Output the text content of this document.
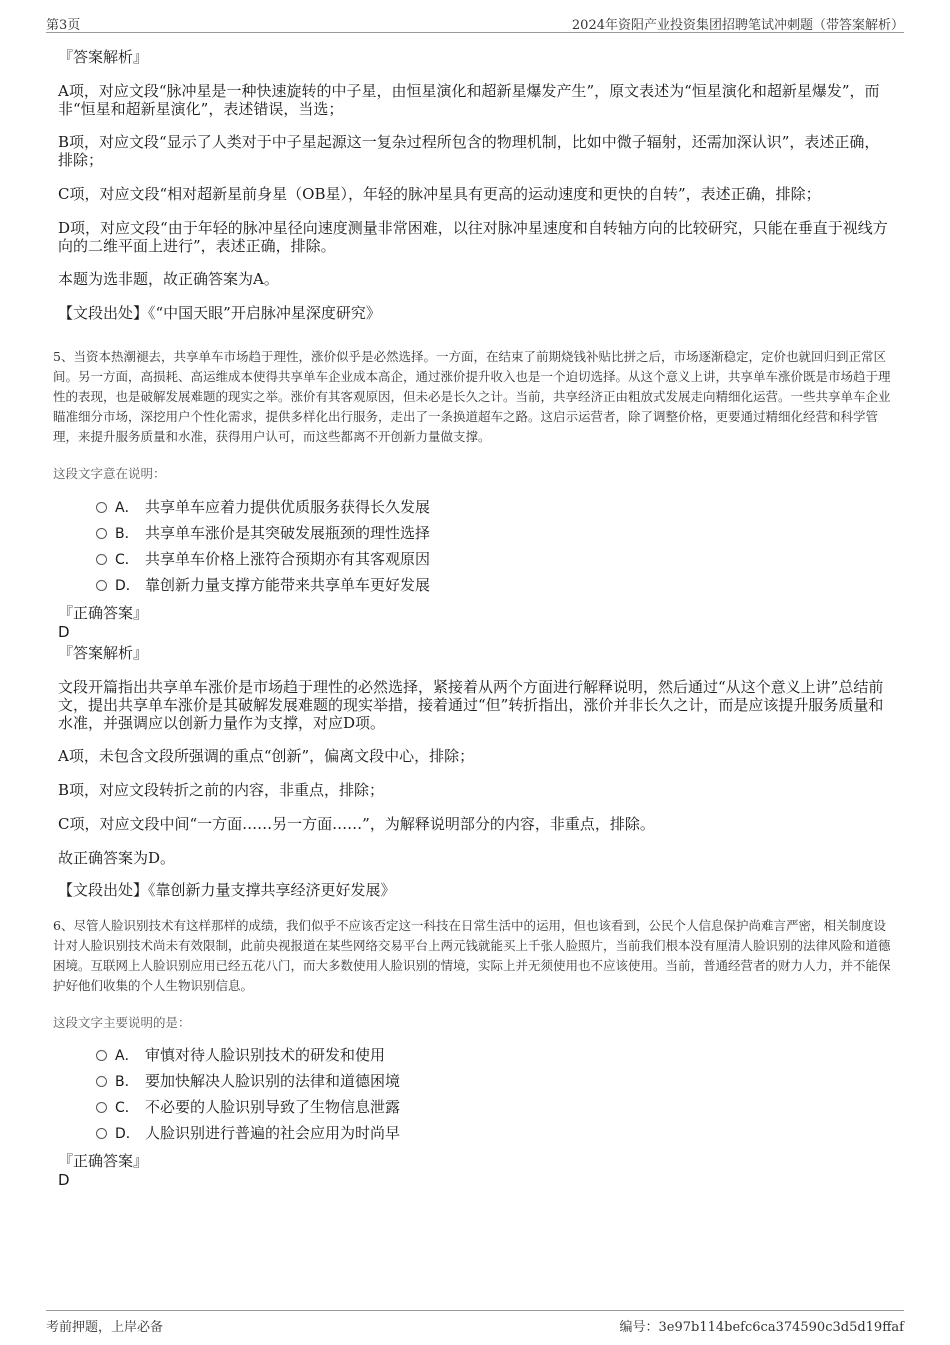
第3页	2024年资阳产业投资集团招聘笔试冲刺题（带答案解析）
『答案解析』
A项，对应文段“脉冲星是一种快速旋转的中子星，由恒星演化和超新星爆发产生”，原文表述为“恒星演化和超新星爆发”，而非“恒星和超新星演化”，表述错误，当选；
B项，对应文段“显示了人类对于中子星起源这一复杂过程所包含的物理机制，比如中微子辐射，还需加深认识”，表述正确，排除；
C项，对应文段“相对超新星前身星（OB星），年轻的脉冲星具有更高的运动速度和更快的自转”，表述正确，排除；
D项，对应文段“由于年轻的脉冲星径向速度测量非常困难，以往对脉冲星速度和自转轴方向的比较研究，只能在垂直于视线方向的二维平面上进行”，表述正确，排除。
本题为选非题，故正确答案为A。
【文段出处】《“中国天眼”开启脉冲星深度研究》
5、当资本热潮褪去，共享单车市场趋于理性，涨价似乎是必然选择。一方面，在结束了前期烧钱补贴比拼之后，市场逐渐稳定，定价也就回归到正常区间。另一方面，高损耗、高运维成本使得共享单车企业成本高企，通过涨价提升收入也是一个迫切选择。从这个意义上讲，共享单车涨价既是市场趋于理性的表现，也是破解发展难题的现实之举。涨价有其客观原因，但未必是长久之计。当前，共享经济正由粗放式发展走向精细化运营。一些共享单车企业瞄准细分市场，深挖用户个性化需求，提供多样化出行服务，走出了一条换道超车之路。这启示运营者，除了调整价格，更要通过精细化经营和科学管理，来提升服务质量和水准，获得用户认可，而这些都离不开创新力量做支撑。
这段文字意在说明：
A． 共享单车应着力提供优质服务获得长久发展
B． 共享单车涨价是其突破发展瓶颈的理性选择
C． 共享单车价格上涨符合预期亦有其客观原因
D． 靠创新力量支撑方能带来共享单车更好发展
『正确答案』
D
『答案解析』
文段开篇指出共享单车涨价是市场趋于理性的必然选择，紧接着从两个方面进行解释说明，然后通过“从这个意义上讲”总结前文，提出共享单车涨价是其破解发展难题的现实举措，接着通过“但”转折指出，涨价并非长久之计，而是应该提升服务质量和水准，并强调应以创新力量作为支撑，对应D项。
A项，未包含文段所强调的重点“创新”，偏离文段中心，排除；
B项，对应文段转折之前的内容，非重点，排除；
C项，对应文段中间“一方面……另一方面……”，为解释说明部分的内容，非重点，排除。
故正确答案为D。
【文段出处】《靠创新力量支撑共享经济更好发展》
6、尽管人脸识别技术有这样那样的成绩，我们似乎不应该否定这一科技在日常生活中的运用，但也该看到，公民个人信息保护尚难言严密，相关制度设计对人脸识别技术尚未有效限制，此前央视报道在某些网络交易平台上两元钱就能买上千张人脸照片，当前我们根本没有厘清人脸识别的法律风险和道德困境。互联网上人脸识别应用已经五花八门，而大多数使用人脸识别的情境，实际上并无须使用也不应该使用。当前，普通经营者的财力人力，并不能保护好他们收集的个人生物识别信息。
这段文字主要说明的是：
A． 审慎对待人脸识别技术的研发和使用
B． 要加快解决人脸识别的法律和道德困境
C． 不必要的人脸识别导致了生物信息泄露
D． 人脸识别进行普遍的社会应用为时尚早
『正确答案』
D
考前押题，上岸必备	编号：3e97b114befc6ca374590c3d5d19ffaf
